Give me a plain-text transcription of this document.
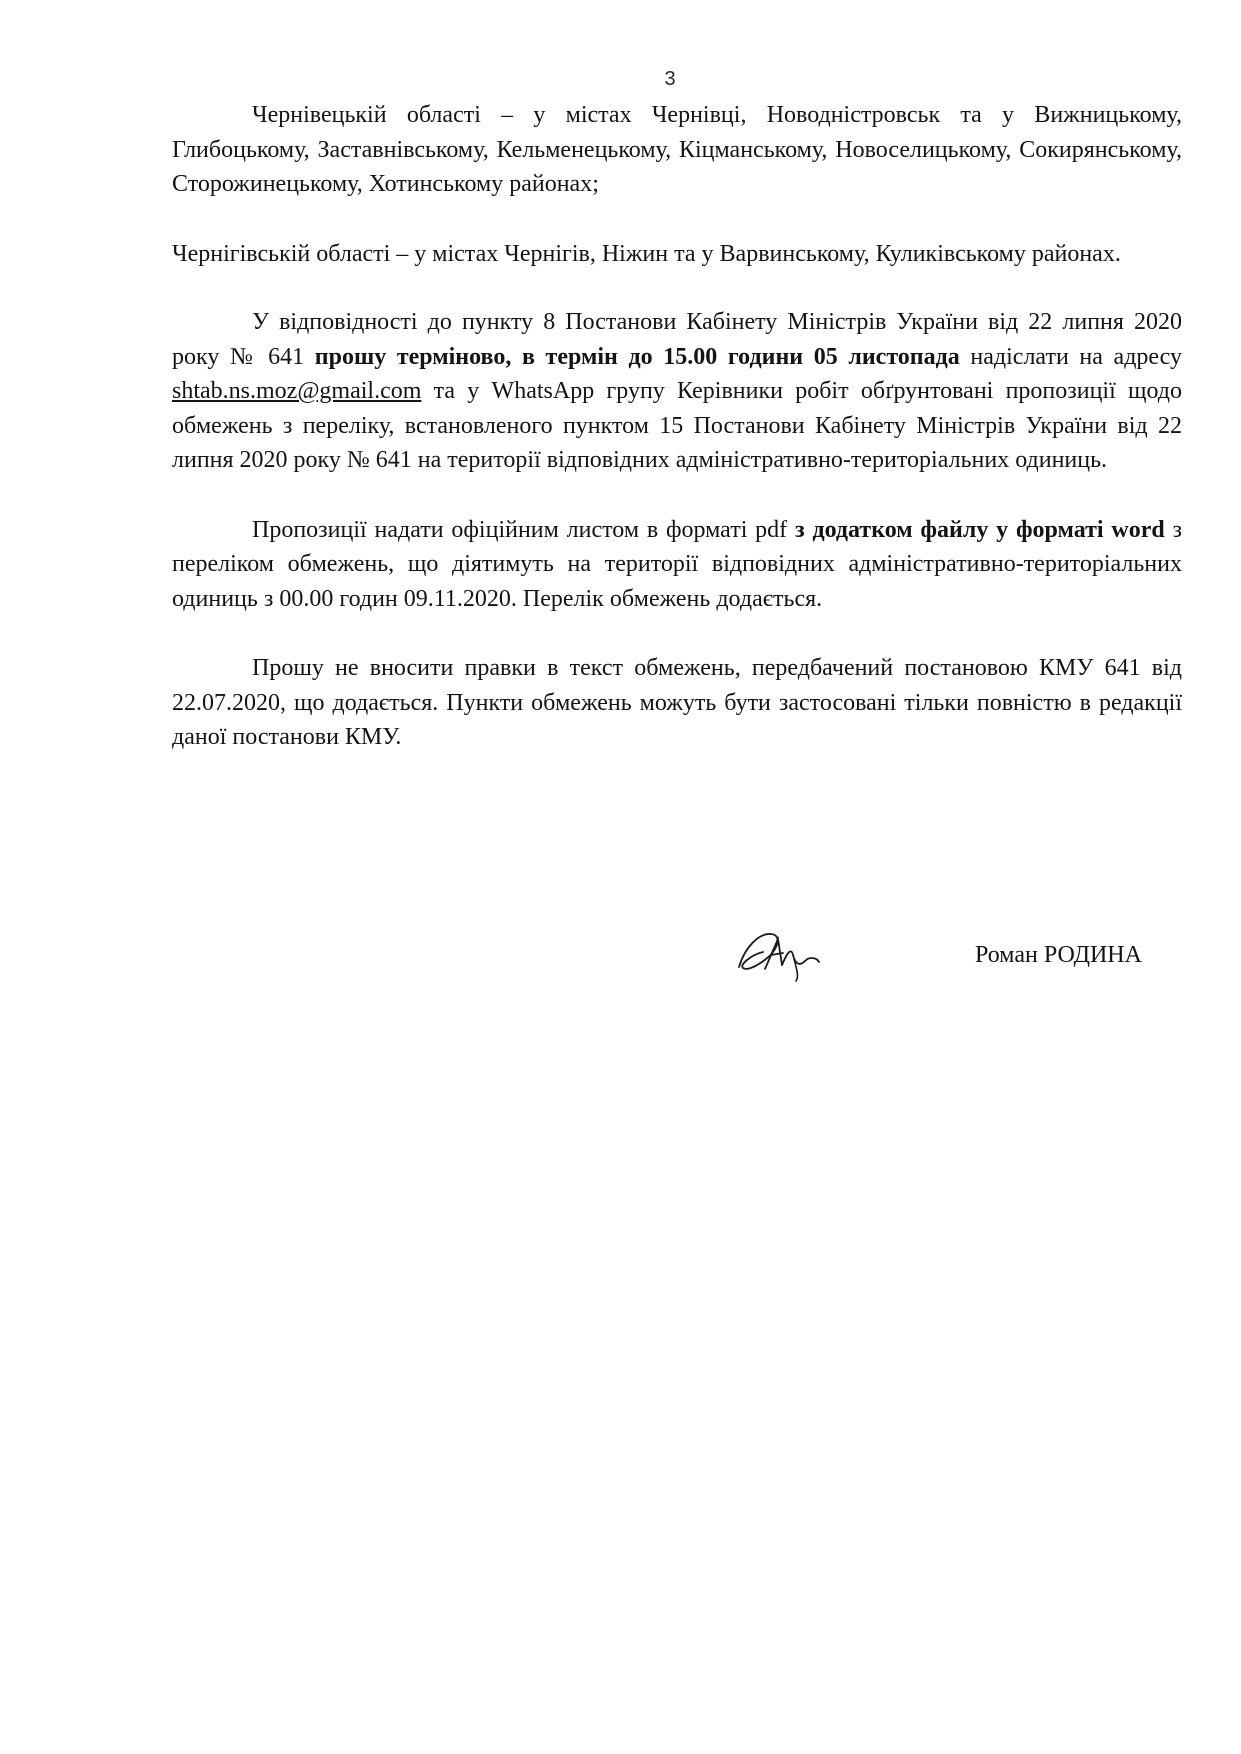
3

Чернівецькій області – у містах Чернівці, Новодністровськ та у Вижницькому, Глибоцькому, Заставнівському, Кельменецькому, Кіцманському, Новоселицькому, Сокирянському, Сторожинецькому, Хотинському районах;

Чернігівській області – у містах Чернігів, Ніжин та у Варвинському, Куликівському районах.

У відповідності до пункту 8 Постанови Кабінету Міністрів України від 22 липня 2020 року № 641 прошу терміново, в термін до 15.00 години 05 листопада надіслати на адресу shtab.ns.moz@gmail.com та у WhatsApp групу Керівники робіт обґрунтовані пропозиції щодо обмежень з переліку, встановленого пунктом 15 Постанови Кабінету Міністрів України від 22 липня 2020 року № 641 на території відповідних адміністративно-територіальних одиниць.

Пропозиції надати офіційним листом в форматі pdf з додатком файлу у форматі word з переліком обмежень, що діятимуть на території відповідних адміністративно-територіальних одиниць з 00.00 годин 09.11.2020. Перелік обмежень додається.

Прошу не вносити правки в текст обмежень, передбачений постановою КМУ 641 від 22.07.2020, що додається. Пункти обмежень можуть бути застосовані тільки повністю в редакції даної постанови КМУ.

Роман РОДИНА
